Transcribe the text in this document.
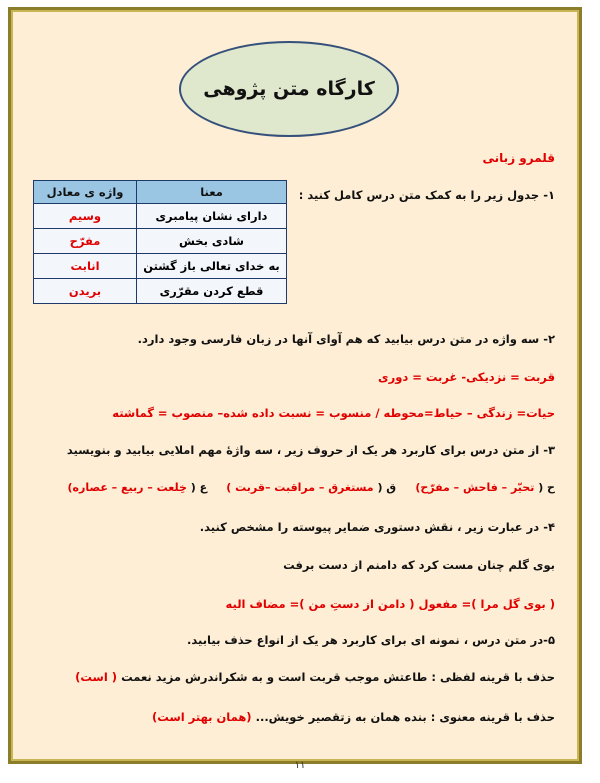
کارگاه متن پژوهی
قلمرو زبانی
۱- جدول زیر را به کمک متن درس کامل کنید :
معنا	واژه ی معادل
دارای نشان پیامبری	وسیم
شادی بخش	مفرّح
به خدای تعالی باز گشتن	انابت
قطع کردن مقرّری	بریدن
۲- سه واژه در متن درس بیابید که هم آوای آنها در زبان فارسی وجود دارد.
قربت = نزدیکی- غربت = دوری
حیات= زندگی – حیاط=محوطه / منسوب = نسبت داده شده– منصوب = گماشته
۳- از متن درس برای کاربرد هر یک از حروف زیر ، سه واژۀ مهم املایی بیابید و بنویسید
ح ( تحیّر – فاحش – مفرّح)     ق ( مستغرق – مراقبت –قربت )     ع ( خِلعت – ربیع – عصاره)
۴- در عبارت زیر ، نقش دستوری ضمایر پیوسته را مشخص کنید.
بوی گلم چنان مست کرد که دامنم از دست برفت
( بوی گل مرا )= مفعول ( دامن از دستِ من )= مضاف الیه
۵-در متن درس ، نمونه ای برای کاربرد هر یک از انواع حذف بیابید.
حذف با قرینه لفظی : طاعتش موجب قربت است و به شکراندرش مزید نعمت ( است)
حذف با قرینه معنوی : بنده همان به زتقصیر خویش... (همان بهتر است)
۱۱
